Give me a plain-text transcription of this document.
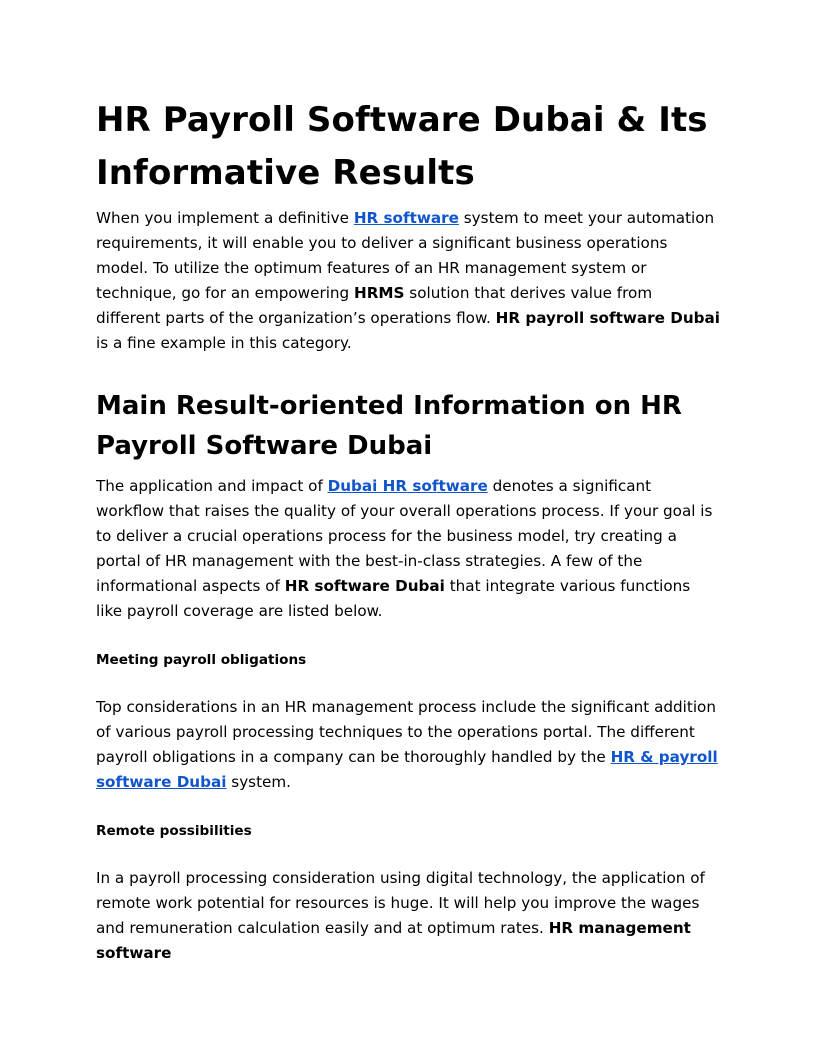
HR Payroll Software Dubai & Its Informative Results

When you implement a definitive HR software system to meet your automation requirements, it will enable you to deliver a significant business operations model. To utilize the optimum features of an HR management system or technique, go for an empowering HRMS solution that derives value from different parts of the organization’s operations flow. HR payroll software Dubai is a fine example in this category.

Main Result-oriented Information on HR Payroll Software Dubai

The application and impact of Dubai HR software denotes a significant workflow that raises the quality of your overall operations process. If your goal is to deliver a crucial operations process for the business model, try creating a portal of HR management with the best-in-class strategies. A few of the informational aspects of HR software Dubai that integrate various functions like payroll coverage are listed below.

Meeting payroll obligations

Top considerations in an HR management process include the significant addition of various payroll processing techniques to the operations portal. The different payroll obligations in a company can be thoroughly handled by the HR & payroll software Dubai system.

Remote possibilities

In a payroll processing consideration using digital technology, the application of remote work potential for resources is huge. It will help you improve the wages and remuneration calculation easily and at optimum rates. HR management software
